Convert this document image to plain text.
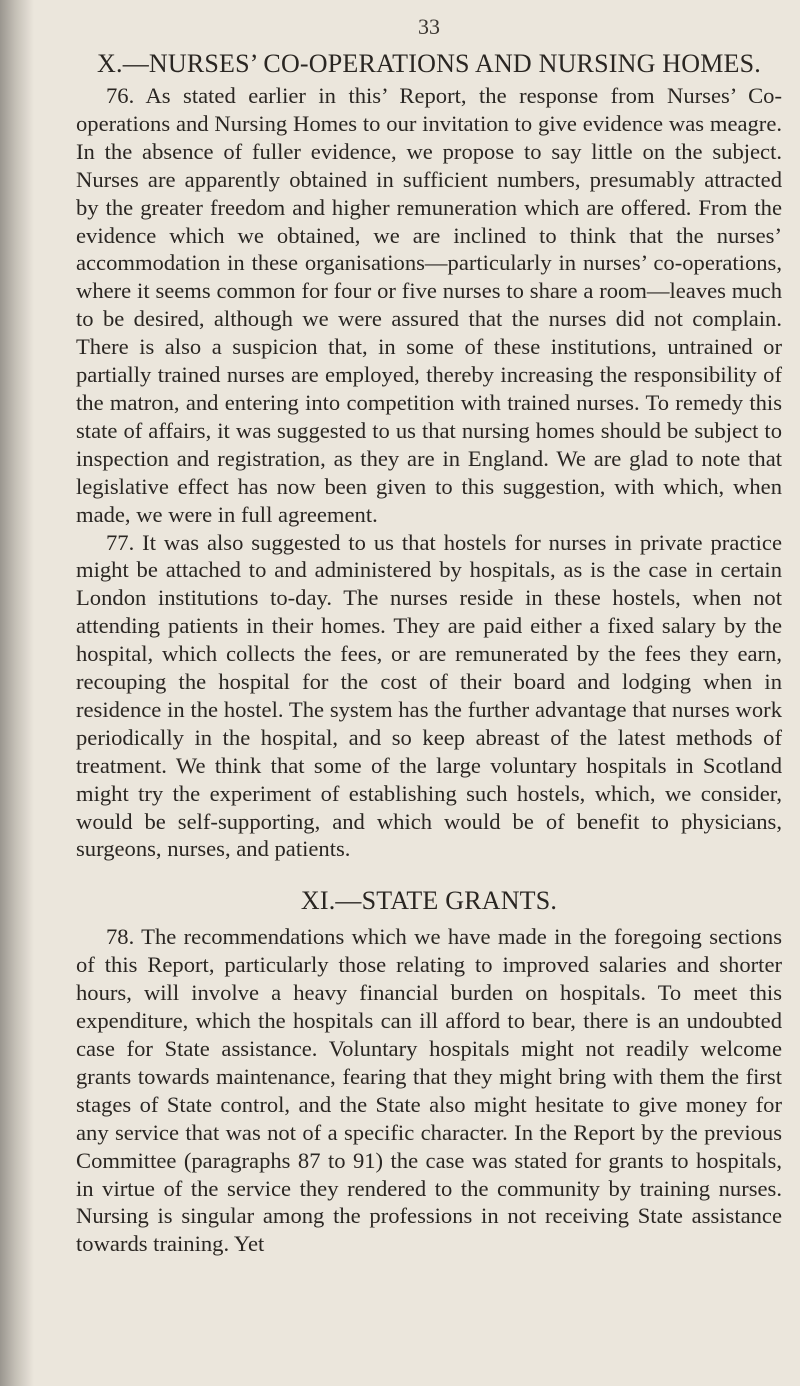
33
X.—NURSES’ CO-OPERATIONS AND NURSING HOMES.

76. As stated earlier in this’ Report, the response from Nurses’ Co-operations and Nursing Homes to our invitation to give evidence was meagre. In the absence of fuller evidence, we propose to say little on the subject. Nurses are apparently obtained in sufficient numbers, presumably attracted by the greater freedom and higher remuneration which are offered. From the evidence which we obtained, we are inclined to think that the nurses’ accommodation in these organisations—particularly in nurses’ co-operations, where it seems common for four or five nurses to share a room—leaves much to be desired, although we were assured that the nurses did not complain. There is also a suspicion that, in some of these institutions, untrained or partially trained nurses are employed, thereby increasing the responsibility of the matron, and entering into competition with trained nurses. To remedy this state of affairs, it was suggested to us that nursing homes should be subject to inspection and registration, as they are in England. We are glad to note that legislative effect has now been given to this suggestion, with which, when made, we were in full agreement.

77. It was also suggested to us that hostels for nurses in private practice might be attached to and administered by hospitals, as is the case in certain London institutions to-day. The nurses reside in these hostels, when not attending patients in their homes. They are paid either a fixed salary by the hospital, which collects the fees, or are remunerated by the fees they earn, recouping the hospital for the cost of their board and lodging when in residence in the hostel. The system has the further advantage that nurses work periodically in the hospital, and so keep abreast of the latest methods of treatment. We think that some of the large voluntary hospitals in Scotland might try the experiment of establishing such hostels, which, we consider, would be self-supporting, and which would be of benefit to physicians, surgeons, nurses, and patients.

XI.—STATE GRANTS.

78. The recommendations which we have made in the foregoing sections of this Report, particularly those relating to improved salaries and shorter hours, will involve a heavy financial burden on hospitals. To meet this expenditure, which the hospitals can ill afford to bear, there is an undoubted case for State assistance. Voluntary hospitals might not readily welcome grants towards maintenance, fearing that they might bring with them the first stages of State control, and the State also might hesitate to give money for any service that was not of a specific character. In the Report by the previous Committee (paragraphs 87 to 91) the case was stated for grants to hospitals, in virtue of the service they rendered to the community by training nurses. Nursing is singular among the professions in not receiving State assistance towards training. Yet
